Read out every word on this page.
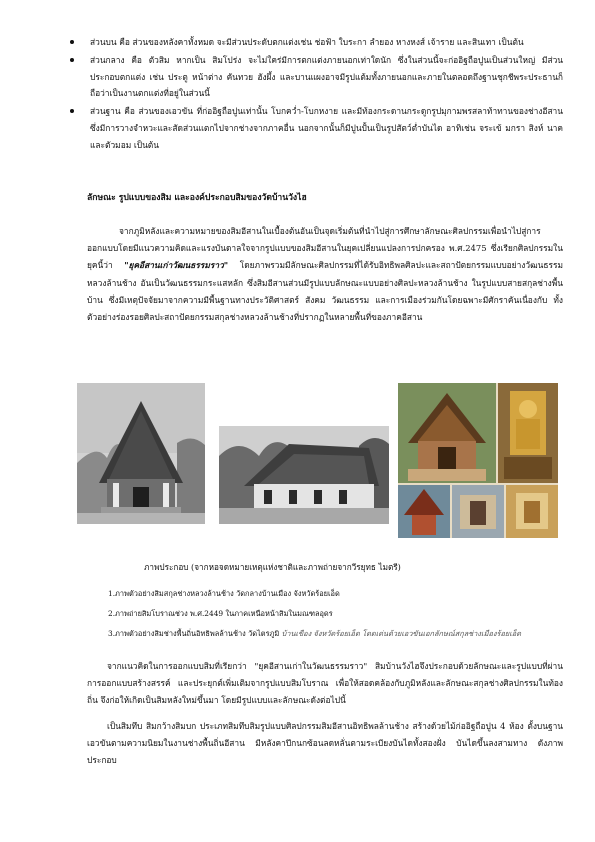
ส่วนบน คือ ส่วนของหลังคาทั้งหมด จะมีส่วนประดับตกแต่งเช่น ช่อฟ้า ใบระกา ลำยอง หางหงส์ เจ้าราย และสินเทา เป็นต้น
ส่วนกลาง คือ ตัวสิม หากเป็น สิมโปร่ง จะไม่ใคร่มีการตกแต่งภายนอกเท่าใดนัก ซึ่งในส่วนนี้จะก่ออิฐถือปูนเป็นส่วนใหญ่ มีส่วนประกอบตกแต่ง เช่น ประตู หน้าต่าง คันทวย ฮังผึ้ง และบานแผงอาจมีรูปแต้มทั้งภายนอกและภายในตลอดถึงฐานชุกชีพระประธานก็ถือว่าเป็นงานตกแต่งที่อยู่ในส่วนนี้
ส่วนฐาน คือ ส่วนของเอวขัน ที่ก่ออิฐถือปูนเท่านั้น โบกคว่ำ-โบกหงาย และมีท้องกระดานกระดูกรูปมุกามพรสลาท้าทานของช่างอีสาน ซึ่งมีการวางจำหวะและสัดส่วนแตกไปจากช่างจากภาคอื่น นอกจากนั้นก็มีปูนปั้นเป็นรูปสัตว์ต่ำบันได อาทิเช่น จระเข้ มกรา สิงห์ นาค และตัวมอม เป็นต้น

ลักษณะ รูปแบบของสิม และองค์ประกอบสิมของวัดบ้านวังไฮ

จากภูมิหลังและความหมายของสิมอีสานในเบื้องต้นอันเป็นจุดเริ่มต้นที่นำไปสู่การศึกษาลักษณะศิลปกรรมเพื่อนำไปสู่การออกแบบโดยมีแนวความคิดและแรงบันดาลใจจากรูปแบบของสิมอีสานในยุคเปลี่ยนแปลงการปกครอง พ.ศ.2475 ซึ่งเรียกศิลปกรรมในยุคนี้ว่า "ยุคอีสานเก่าวัฒนธรรมราว" โดยภาพรวมมีลักษณะศิลปกรรมที่ได้รับอิทธิพลศิลปะและสถาปัตยกรรมแบบอย่างวัฒนธรรมหลวงล้านช้าง อันเป็นวัฒนธรรมกระแสหลัก ซึ่งสิมอีสานส่วนมีรูปแบบลักษณะแบบอย่างศิลปะหลวงล้านช้าง ในรูปแบบสายสกุลช่างพื้นบ้าน ซึ่งมีเหตุปัจจัยมาจากความมีพื้นฐานทางประวัติศาสตร์ สังคม วัฒนธรรม และการเมืองร่วมกันโดยฉพาะมีศักราคันเนื่องกับ ทั้งตัวอย่างร่องรอยศิลปะสถาปัตยกรรมสกุลช่างหลวงล้านช้างที่ปรากฏในหลายพื้นที่ของภาคอีสาน

ภาพประกอบ (จากหอจดหมายเหตุแห่งชาติและภาพถ่ายจากวีรยุทธ ไมตรี)

1.ภาพตัวอย่างสิมสกุลช่างหลวงล้านช้าง วัดกลางบ้านเมือง จังหวัดร้อยเอ็ด

2.ภาพถ่ายสิมโบราณช่วง พ.ศ.2449 ในภาคเหนือหน้าสิมในมณฑลอุดร

3.ภาพตัวอย่างสิมช่างพื้นถิ่นอิทธิพลล้านช้าง วัดไตรภูมิ บ้านเขือง จังหวัดร้อยเอ็ด โดดเด่นด้วยเอวขันเอกลักษณ์สกุลช่างเมืองร้อยเอ็ด

จากแนวคิดในการออกแบบสิมที่เรียกว่า "ยุคอีสานเก่าในวัฒนธรรมราว" สิมบ้านวังไฮจึงประกอบด้วยลักษณะและรูปแบบที่ผ่านการออกแบบสร้างสรรค์ และประยุกต์เพิ่มเติมจากรูปแบบสิมโบราณ เพื่อให้สอดคล้องกับภูมิหลังและลักษณะสกุลช่างศิลปกรรมในท้องถิ่น จึงก่อให้เกิดเป็นสิมหลังใหม่ขึ้นมา โดยมีรูปแบบและลักษณะดังต่อไปนี้

เป็นสิมทึบ สิมกว้างสิมบก ประเภทสิมทึบสิมรูปแบบศิลปกรรมสิมอีสานอิทธิพลล้านช้าง สร้างด้วยไม้ก่ออิฐถือปูน 4 ห้อง ตั้งบนฐานเอวขันตามความนิยมในงานช่างพื้นถิ่นอีสาน มีหลังคาปีกนกซ้อนลดหลั่นตามระเบียงบันไดทั้งสองฝั่ง บันไดขึ้นลงสามทาง ดังภาพประกอบ
